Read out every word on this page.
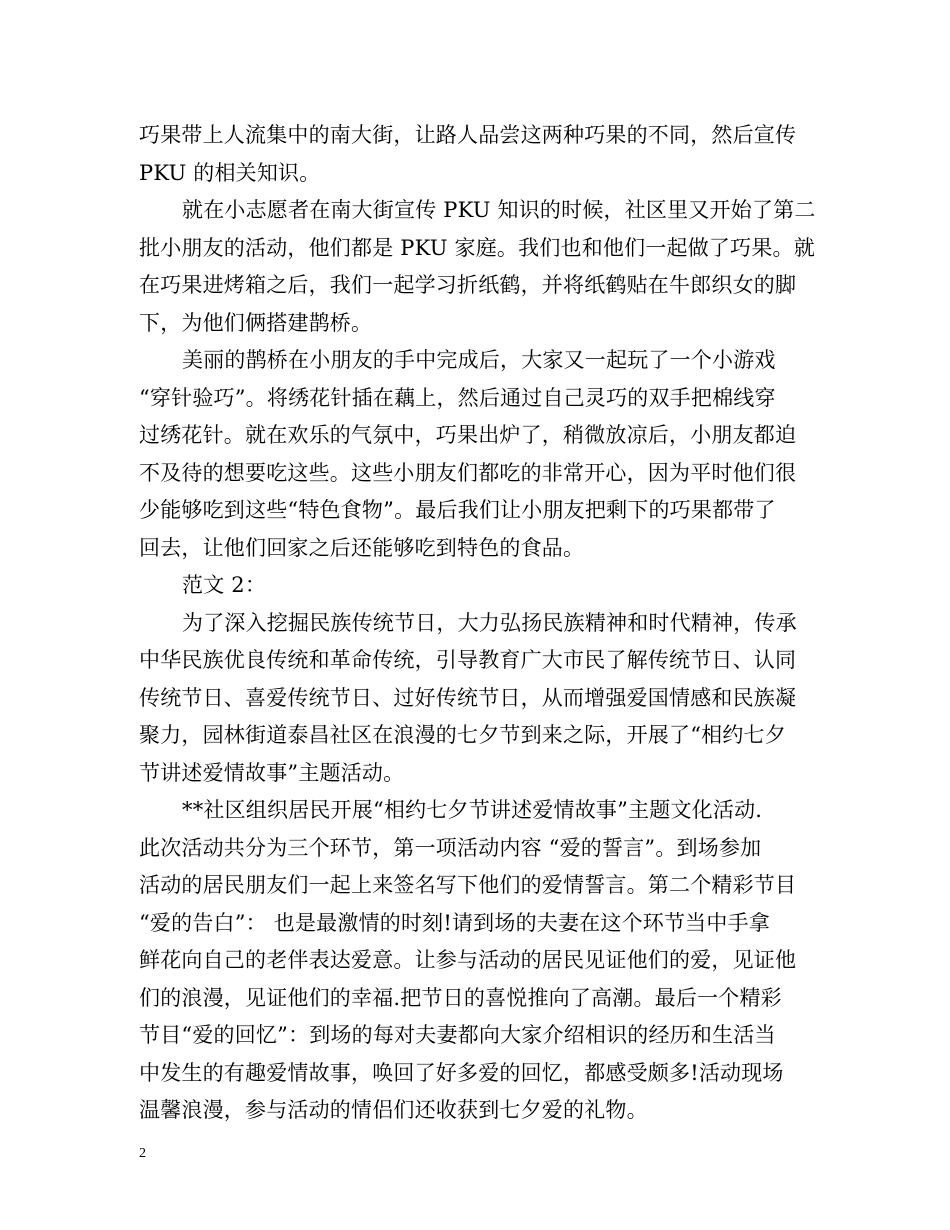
巧果带上人流集中的南大街，让路人品尝这两种巧果的不同，然后宣传
PKU 的相关知识。
就在小志愿者在南大街宣传 PKU 知识的时候，社区里又开始了第二
批小朋友的活动，他们都是 PKU 家庭。我们也和他们一起做了巧果。就
在巧果进烤箱之后，我们一起学习折纸鹤，并将纸鹤贴在牛郎织女的脚
下，为他们俩搭建鹊桥。
美丽的鹊桥在小朋友的手中完成后，大家又一起玩了一个小游戏
“穿针验巧”。将绣花针插在藕上，然后通过自己灵巧的双手把棉线穿
过绣花针。就在欢乐的气氛中，巧果出炉了，稍微放凉后，小朋友都迫
不及待的想要吃这些。这些小朋友们都吃的非常开心，因为平时他们很
少能够吃到这些“特色食物”。最后我们让小朋友把剩下的巧果都带了
回去，让他们回家之后还能够吃到特色的食品。
范文 2：
为了深入挖掘民族传统节日，大力弘扬民族精神和时代精神，传承
中华民族优良传统和革命传统，引导教育广大市民了解传统节日、认同
传统节日、喜爱传统节日、过好传统节日，从而增强爱国情感和民族凝
聚力，园林街道泰昌社区在浪漫的七夕节到来之际，开展了“相约七夕
节讲述爱情故事”主题活动。
**社区组织居民开展“相约七夕节讲述爱情故事”主题文化活动.
此次活动共分为三个环节，第一项活动内容 “爱的誓言”。到场参加
活动的居民朋友们一起上来签名写下他们的爱情誓言。第二个精彩节目
“爱的告白”： 也是最激情的时刻!请到场的夫妻在这个环节当中手拿
鲜花向自己的老伴表达爱意。让参与活动的居民见证他们的爱，见证他
们的浪漫，见证他们的幸福.把节日的喜悦推向了高潮。最后一个精彩
节目“爱的回忆”：到场的每对夫妻都向大家介绍相识的经历和生活当
中发生的有趣爱情故事，唤回了好多爱的回忆，都感受颇多!活动现场
温馨浪漫，参与活动的情侣们还收获到七夕爱的礼物。
2
